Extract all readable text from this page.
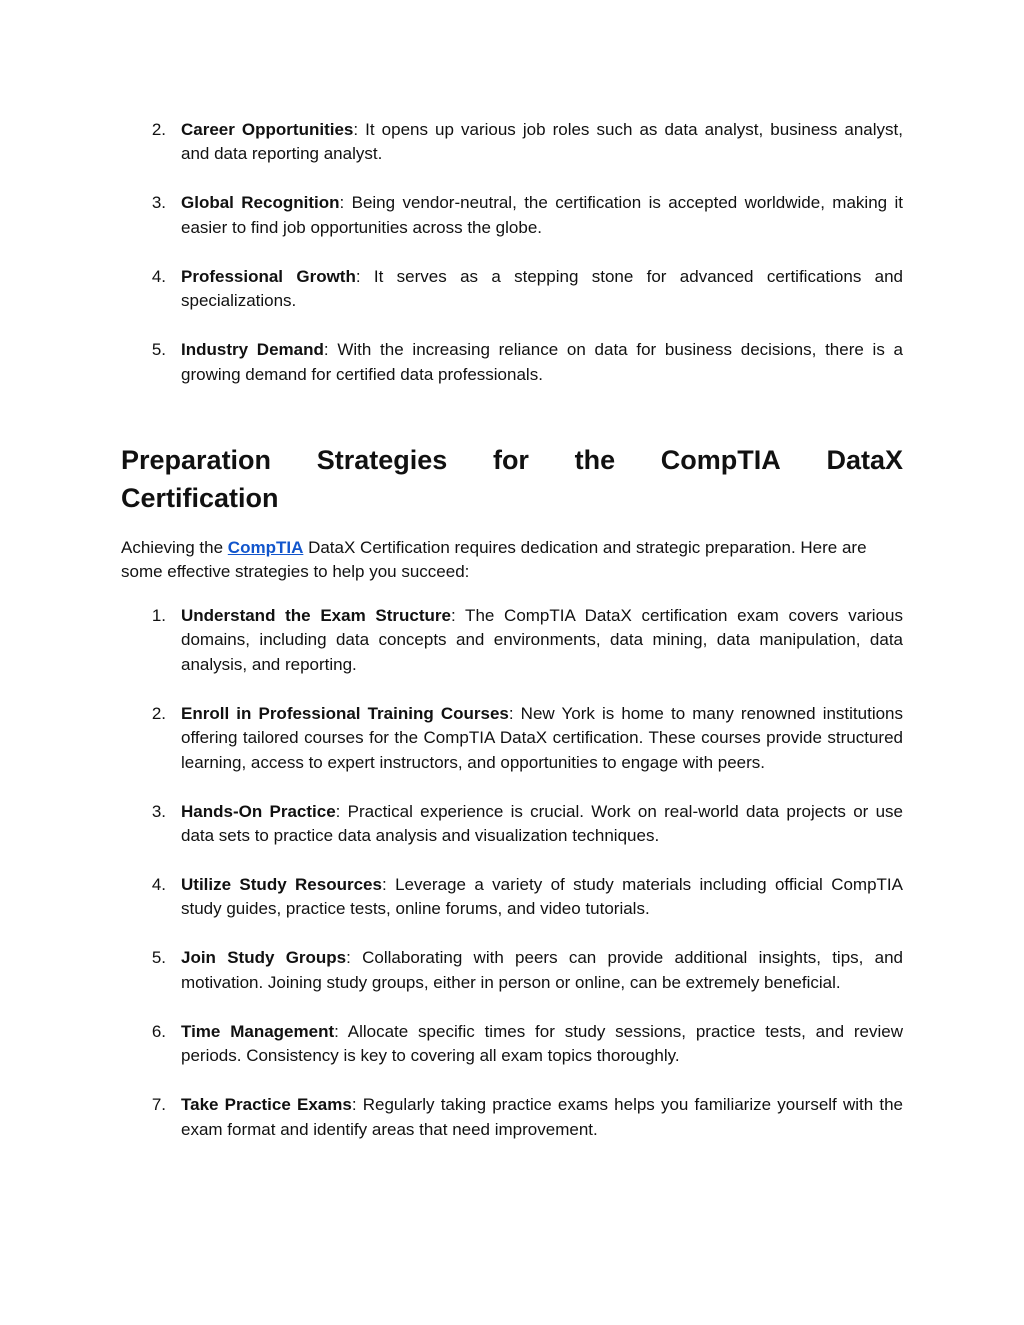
2. Career Opportunities: It opens up various job roles such as data analyst, business analyst, and data reporting analyst.
3. Global Recognition: Being vendor-neutral, the certification is accepted worldwide, making it easier to find job opportunities across the globe.
4. Professional Growth: It serves as a stepping stone for advanced certifications and specializations.
5. Industry Demand: With the increasing reliance on data for business decisions, there is a growing demand for certified data professionals.
Preparation Strategies for the CompTIA DataX
Certification

Achieving the CompTIA DataX Certification requires dedication and strategic preparation. Here are some effective strategies to help you succeed:

1. Understand the Exam Structure: The CompTIA DataX certification exam covers various domains, including data concepts and environments, data mining, data manipulation, data analysis, and reporting.
2. Enroll in Professional Training Courses: New York is home to many renowned institutions offering tailored courses for the CompTIA DataX certification. These courses provide structured learning, access to expert instructors, and opportunities to engage with peers.
3. Hands-On Practice: Practical experience is crucial. Work on real-world data projects or use data sets to practice data analysis and visualization techniques.
4. Utilize Study Resources: Leverage a variety of study materials including official CompTIA study guides, practice tests, online forums, and video tutorials.
5. Join Study Groups: Collaborating with peers can provide additional insights, tips, and motivation. Joining study groups, either in person or online, can be extremely beneficial.
6. Time Management: Allocate specific times for study sessions, practice tests, and review periods. Consistency is key to covering all exam topics thoroughly.
7. Take Practice Exams: Regularly taking practice exams helps you familiarize yourself with the exam format and identify areas that need improvement.
